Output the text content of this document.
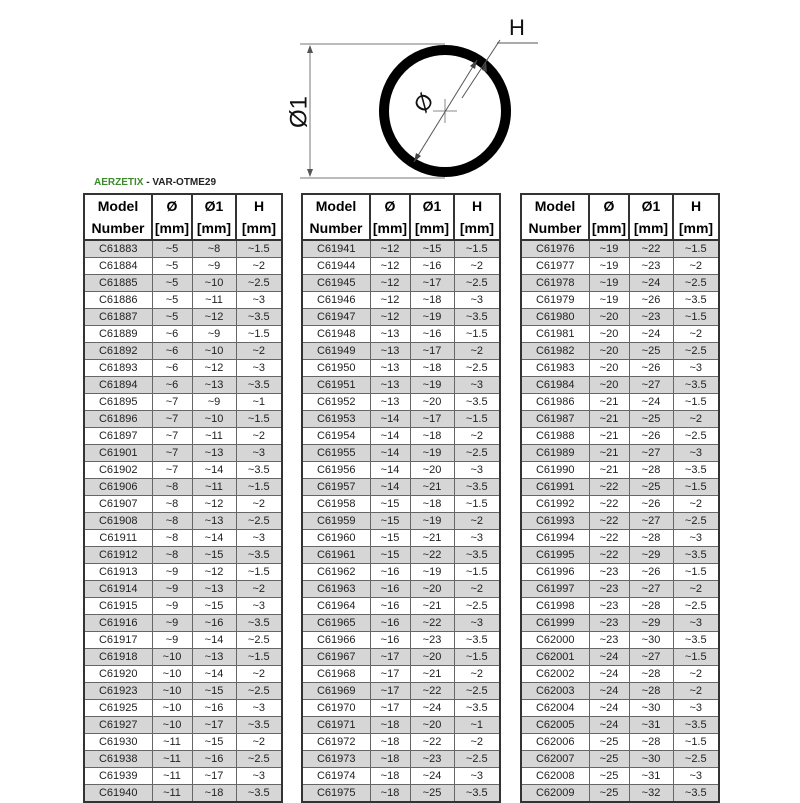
Ø1	Ø
H
AERZETIX - VAR-OTME29
Model	Ø	Ø1	H
Number	[mm]	[mm]	[mm]
C61883	~5	~8	~1.5
C61884	~5	~9	~2
C61885	~5	~10	~2.5
C61886	~5	~11	~3
C61887	~5	~12	~3.5
C61889	~6	~9	~1.5
C61892	~6	~10	~2
C61893	~6	~12	~3
C61894	~6	~13	~3.5
C61895	~7	~9	~1
C61896	~7	~10	~1.5
C61897	~7	~11	~2
C61901	~7	~13	~3
C61902	~7	~14	~3.5
C61906	~8	~11	~1.5
C61907	~8	~12	~2
C61908	~8	~13	~2.5
C61911	~8	~14	~3
C61912	~8	~15	~3.5
C61913	~9	~12	~1.5
C61914	~9	~13	~2
C61915	~9	~15	~3
C61916	~9	~16	~3.5
C61917	~9	~14	~2.5
C61918	~10	~13	~1.5
C61920	~10	~14	~2
C61923	~10	~15	~2.5
C61925	~10	~16	~3
C61927	~10	~17	~3.5
C61930	~11	~15	~2
C61938	~11	~16	~2.5
C61939	~11	~17	~3
C61940	~11	~18	~3.5
Model	Ø	Ø1	H
Number	[mm]	[mm]	[mm]
C61941	~12	~15	~1.5
C61944	~12	~16	~2
C61945	~12	~17	~2.5
C61946	~12	~18	~3
C61947	~12	~19	~3.5
C61948	~13	~16	~1.5
C61949	~13	~17	~2
C61950	~13	~18	~2.5
C61951	~13	~19	~3
C61952	~13	~20	~3.5
C61953	~14	~17	~1.5
C61954	~14	~18	~2
C61955	~14	~19	~2.5
C61956	~14	~20	~3
C61957	~14	~21	~3.5
C61958	~15	~18	~1.5
C61959	~15	~19	~2
C61960	~15	~21	~3
C61961	~15	~22	~3.5
C61962	~16	~19	~1.5
C61963	~16	~20	~2
C61964	~16	~21	~2.5
C61965	~16	~22	~3
C61966	~16	~23	~3.5
C61967	~17	~20	~1.5
C61968	~17	~21	~2
C61969	~17	~22	~2.5
C61970	~17	~24	~3.5
C61971	~18	~20	~1
C61972	~18	~22	~2
C61973	~18	~23	~2.5
C61974	~18	~24	~3
C61975	~18	~25	~3.5
Model	Ø	Ø1	H
Number	[mm]	[mm]	[mm]
C61976	~19	~22	~1.5
C61977	~19	~23	~2
C61978	~19	~24	~2.5
C61979	~19	~26	~3.5
C61980	~20	~23	~1.5
C61981	~20	~24	~2
C61982	~20	~25	~2.5
C61983	~20	~26	~3
C61984	~20	~27	~3.5
C61986	~21	~24	~1.5
C61987	~21	~25	~2
C61988	~21	~26	~2.5
C61989	~21	~27	~3
C61990	~21	~28	~3.5
C61991	~22	~25	~1.5
C61992	~22	~26	~2
C61993	~22	~27	~2.5
C61994	~22	~28	~3
C61995	~22	~29	~3.5
C61996	~23	~26	~1.5
C61997	~23	~27	~2
C61998	~23	~28	~2.5
C61999	~23	~29	~3
C62000	~23	~30	~3.5
C62001	~24	~27	~1.5
C62002	~24	~28	~2
C62003	~24	~28	~2
C62004	~24	~30	~3
C62005	~24	~31	~3.5
C62006	~25	~28	~1.5
C62007	~25	~30	~2.5
C62008	~25	~31	~3
C62009	~25	~32	~3.5
